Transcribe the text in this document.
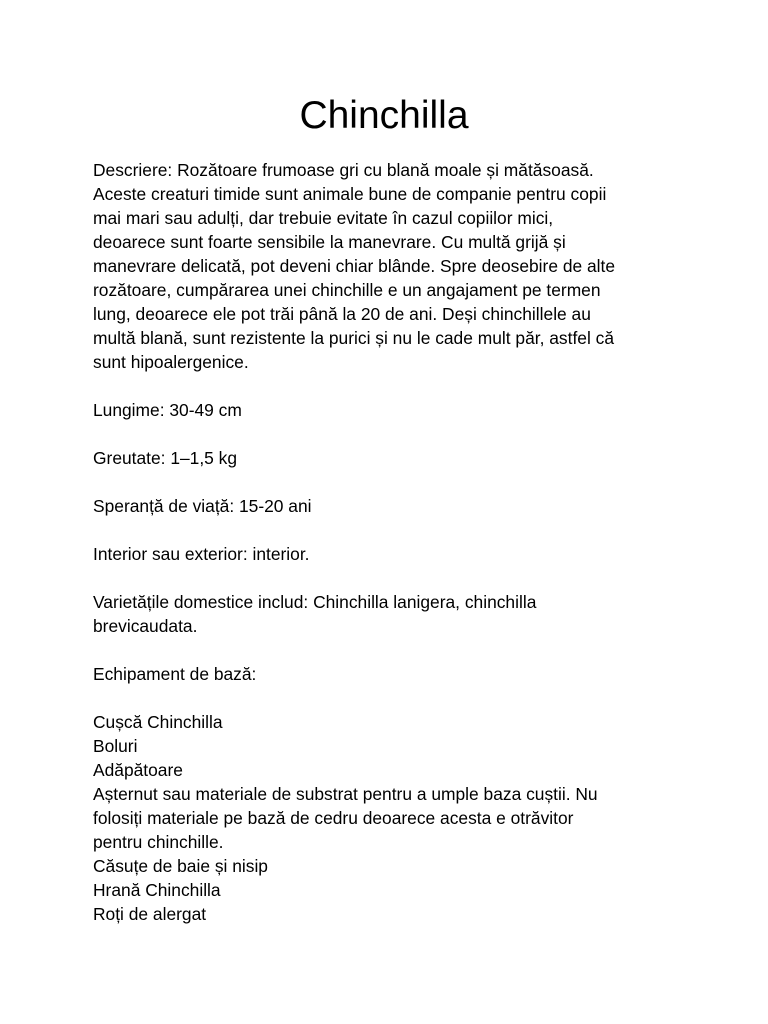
Chinchilla

Descriere: Rozătoare frumoase gri cu blană moale și mătăsoasă.
Aceste creaturi timide sunt animale bune de companie pentru copii
mai mari sau adulți, dar trebuie evitate în cazul copiilor mici,
deoarece sunt foarte sensibile la manevrare. Cu multă grijă și
manevrare delicată, pot deveni chiar blânde. Spre deosebire de alte
rozătoare, cumpărarea unei chinchille e un angajament pe termen
lung, deoarece ele pot trăi până la 20 de ani. Deși chinchillele au
multă blană, sunt rezistente la purici și nu le cade mult păr, astfel că
sunt hipoalergenice.

Lungime: 30-49 cm

Greutate: 1–1,5 kg

Speranță de viață: 15-20 ani

Interior sau exterior: interior.

Varietățile domestice includ: Chinchilla lanigera, chinchilla
brevicaudata.

Echipament de bază:

Cușcă Chinchilla
Boluri
Adăpătoare
Așternut sau materiale de substrat pentru a umple baza cuștii. Nu
folosiți materiale pe bază de cedru deoarece acesta e otrăvitor
pentru chinchille.
Căsuțe de baie și nisip
Hrană Chinchilla
Roți de alergat
